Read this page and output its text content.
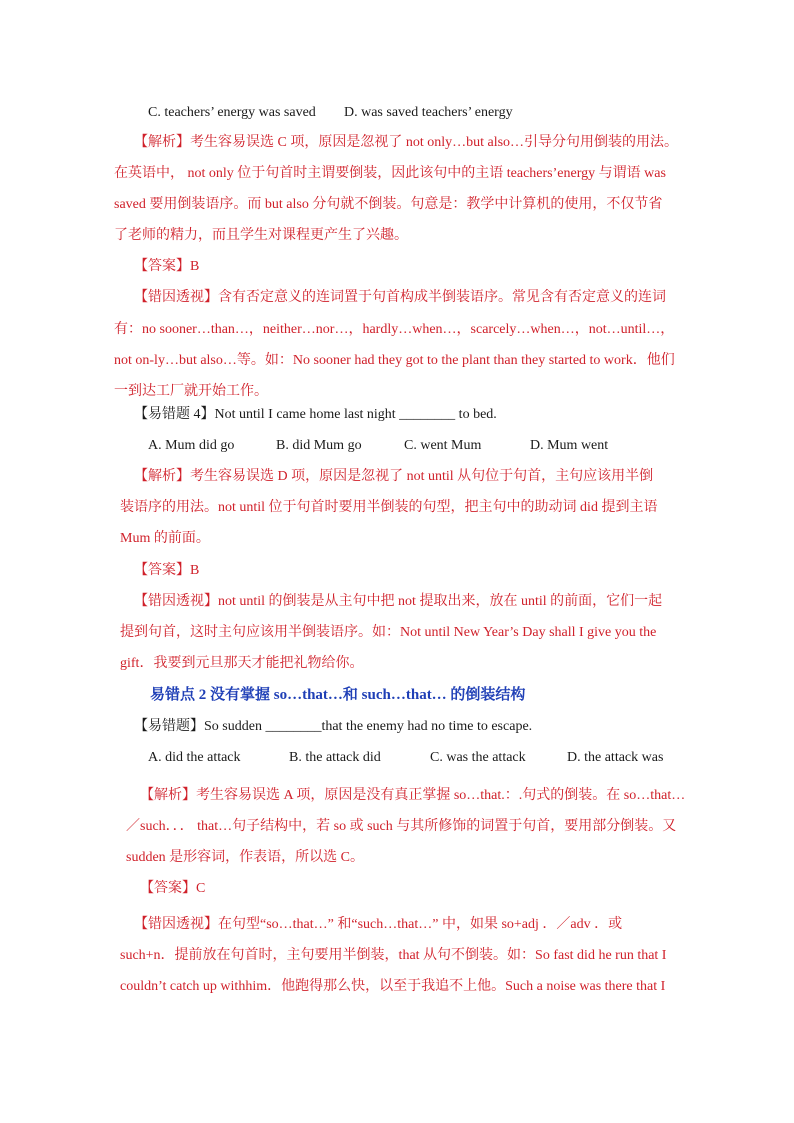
C. teachers’ energy was saved D. was saved teachers’ energy
【解析】考生容易误选 C 项，原因是忽视了 not only…but also…引导分句用倒装的用法。
在英语中， not only 位于句首时主谓要倒装，因此该句中的主语 teachers’energy 与谓语 was
saved 要用倒装语序。而 but also 分句就不倒装。句意是：教学中计算机的使用，不仅节省
了老师的精力，而且学生对课程更产生了兴趣。
【答案】B
【错因透视】含有否定意义的连词置于句首构成半倒装语序。常见含有否定意义的连词
有：no sooner…than…，neither…nor…，hardly…when…，scarcely…when…，not…until…，
not on-ly…but also…等。如：No sooner had they got to the plant than they started to work．他们
一到达工厂就开始工作。
【易错题 4】Not until I came home last night ________ to bed.
A. Mum did go	B. did Mum go	C. went Mum	D. Mum went
【解析】考生容易误选 D 项，原因是忽视了 not until 从句位于句首，主句应该用半倒
装语序的用法。not until 位于句首时要用半倒装的句型，把主句中的助动词 did 提到主语
Mum 的前面。
【答案】B
【错因透视】not until 的倒装是从主句中把 not 提取出来，放在 until 的前面，它们一起
提到句首，这时主句应该用半倒装语序。如：Not until New Year’s Day shall I give you the
gift．我要到元旦那天才能把礼物给你。
易错点 2 没有掌握 so…that…和 such…that… 的倒装结构
【易错题】So sudden ________that the enemy had no time to escape.
A. did the attack	B. the attack did	C. was the attack	D. the attack was
【解析】考生容易误选 A 项，原因是没有真正掌握 so…that.：.句式的倒装。在 so…that…
／such．．． that…句子结构中，若 so 或 such 与其所修饰的词置于句首，要用部分倒装。又
sudden 是形容词，作表语，所以选 C。
【答案】C
【错因透视】在句型“so…that…” 和“such…that…” 中，如果 so+adj ．／adv ．或
such+n．提前放在句首时，主句要用半倒装，that 从句不倒装。如：So fast did he run that I
couldn’t catch up withhim．他跑得那么快，以至于我追不上他。Such a noise was there that I
